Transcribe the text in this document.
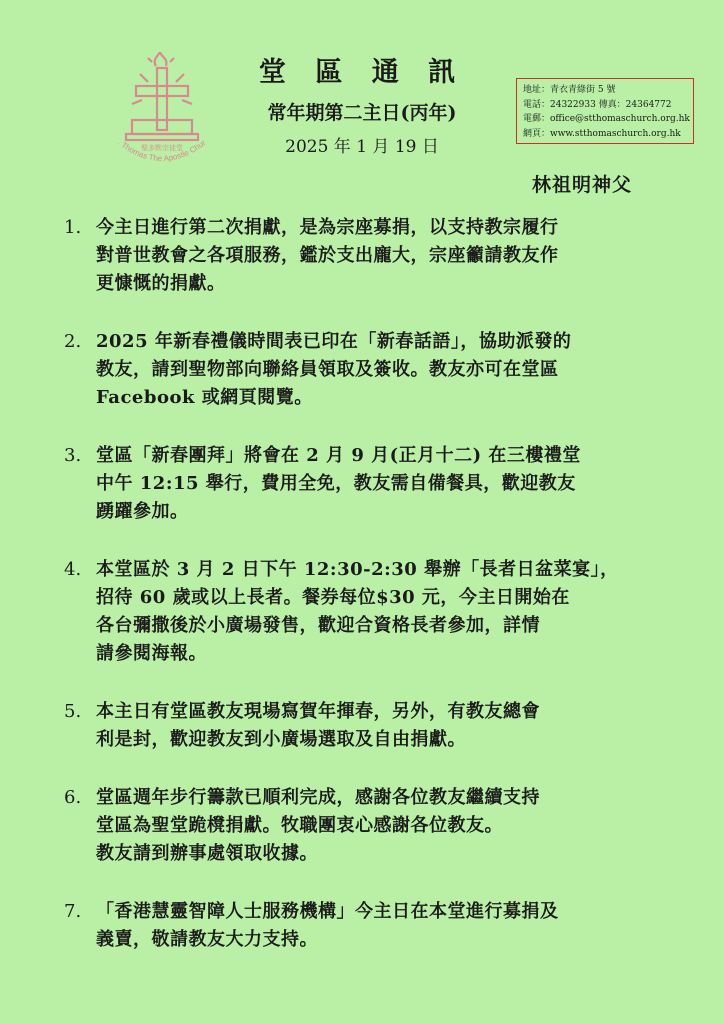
. Thomas The Apostle Chur
聖多默宗徒堂
堂 區 通 訊
常年期第二主日(丙年)
2025 年 1 月 19 日
地址：青衣青綠街 5 號
電話：24322933 傳真：24364772
電郵：office@stthomaschurch.org.hk
網頁：www.stthomaschurch.org.hk
林祖明神父
1. 今主日進行第二次捐獻，是為宗座募捐，以支持教宗履行
對普世教會之各項服務，鑑於支出龐大，宗座籲請教友作
更慷慨的捐獻。
2. 2025 年新春禮儀時間表已印在「新春話語」，協助派發的
教友，請到聖物部向聯絡員領取及簽收。教友亦可在堂區
Facebook 或網頁閱覽。
3. 堂區「新春團拜」將會在 2 月 9 月(正月十二) 在三樓禮堂
中午 12:15 舉行，費用全免，教友需自備餐具，歡迎教友
踴躍參加。
4. 本堂區於 3 月 2 日下午 12:30-2:30 舉辦「長者日盆菜宴」，
招待 60 歲或以上長者。餐券每位$30 元，今主日開始在
各台彌撒後於小廣場發售，歡迎合資格長者參加，詳情
請參閱海報。
5. 本主日有堂區教友現場寫賀年揮春，另外，有教友總會
利是封，歡迎教友到小廣場選取及自由捐獻。
6. 堂區週年步行籌款已順利完成，感謝各位教友繼續支持
堂區為聖堂跪櫈捐獻。牧職團衷心感謝各位教友。
教友請到辦事處領取收據。
7. 「香港慧靈智障人士服務機構」今主日在本堂進行募捐及
義賣，敬請教友大力支持。
